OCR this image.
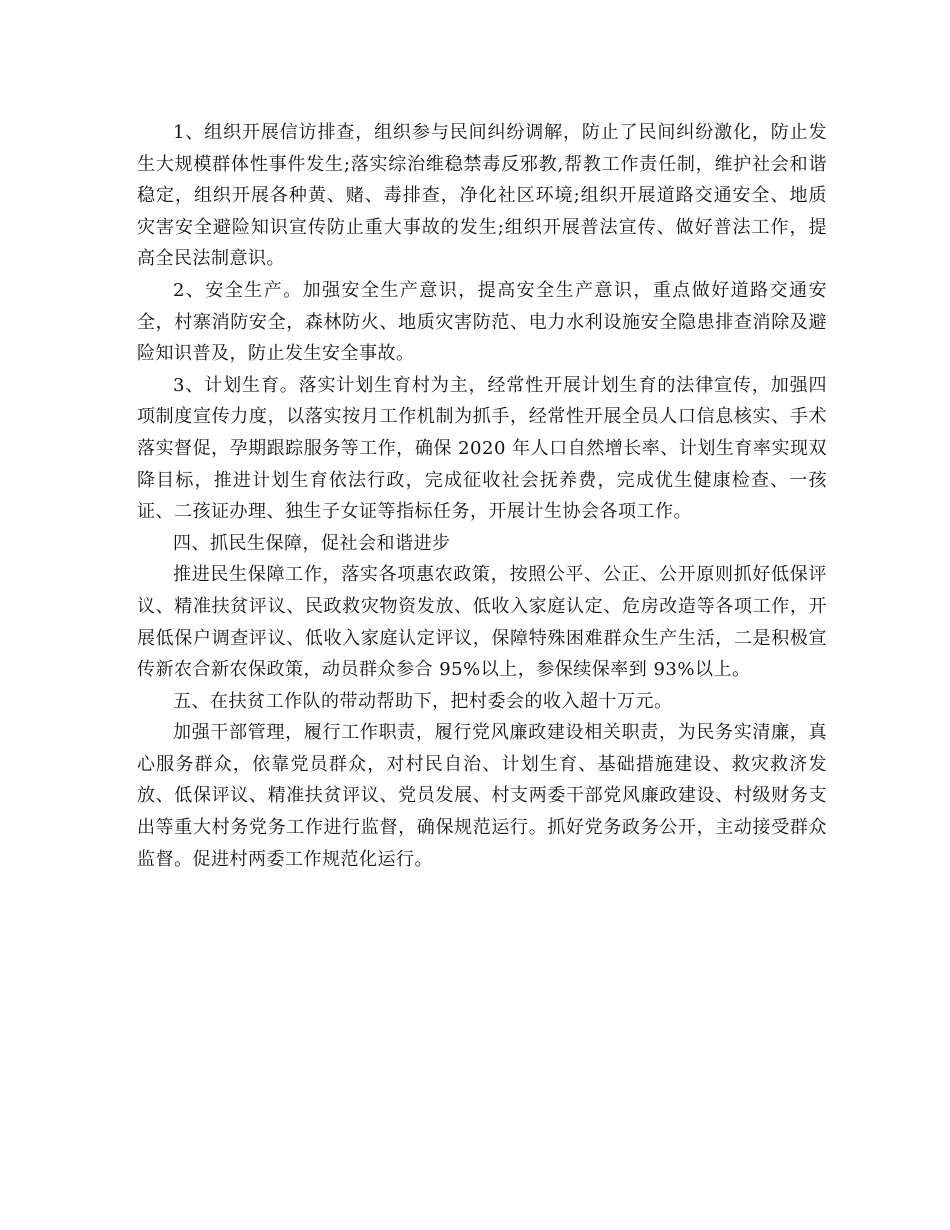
1、组织开展信访排查，组织参与民间纠纷调解，防止了民间纠纷激化，防止发生大规模群体性事件发生;落实综治维稳禁毒反邪教,帮教工作责任制，维护社会和谐稳定，组织开展各种黄、赌、毒排查，净化社区环境;组织开展道路交通安全、地质灾害安全避险知识宣传防止重大事故的发生;组织开展普法宣传、做好普法工作，提高全民法制意识。

2、安全生产。加强安全生产意识，提高安全生产意识，重点做好道路交通安全，村寨消防安全，森林防火、地质灾害防范、电力水利设施安全隐患排查消除及避险知识普及，防止发生安全事故。

3、计划生育。落实计划生育村为主，经常性开展计划生育的法律宣传，加强四项制度宣传力度，以落实按月工作机制为抓手，经常性开展全员人口信息核实、手术落实督促，孕期跟踪服务等工作，确保 2020 年人口自然增长率、计划生育率实现双降目标，推进计划生育依法行政，完成征收社会抚养费，完成优生健康检查、一孩证、二孩证办理、独生子女证等指标任务，开展计生协会各项工作。

四、抓民生保障，促社会和谐进步

推进民生保障工作，落实各项惠农政策，按照公平、公正、公开原则抓好低保评议、精准扶贫评议、民政救灾物资发放、低收入家庭认定、危房改造等各项工作，开展低保户调查评议、低收入家庭认定评议，保障特殊困难群众生产生活，二是积极宣传新农合新农保政策，动员群众参合 95%以上，参保续保率到 93%以上。

五、在扶贫工作队的带动帮助下，把村委会的收入超十万元。

加强干部管理，履行工作职责，履行党风廉政建设相关职责，为民务实清廉，真心服务群众，依靠党员群众，对村民自治、计划生育、基础措施建设、救灾救济发放、低保评议、精准扶贫评议、党员发展、村支两委干部党风廉政建设、村级财务支出等重大村务党务工作进行监督，确保规范运行。抓好党务政务公开，主动接受群众监督。促进村两委工作规范化运行。
